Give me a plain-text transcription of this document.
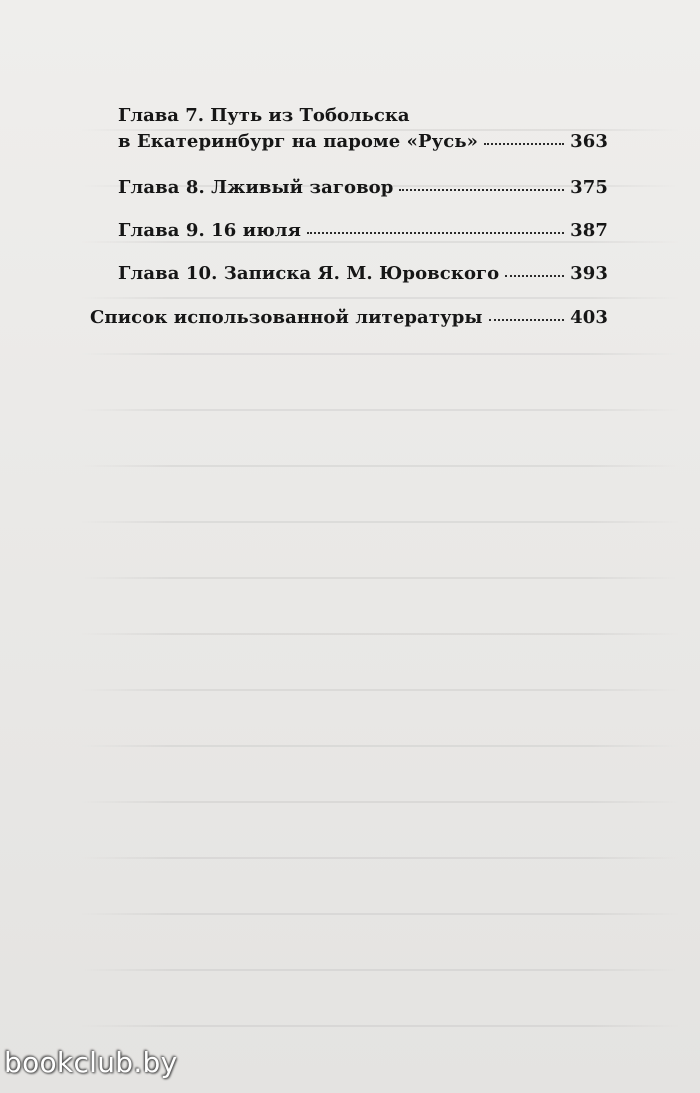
Глава 7. Путь из Тобольска
в Екатеринбург на пароме «Русь»	363
Глава 8. Лживый заговор	375
Глава 9. 16 июля	387
Глава 10. Записка Я. М. Юровского	393
Список использованной литературы	403
bookclub.by
